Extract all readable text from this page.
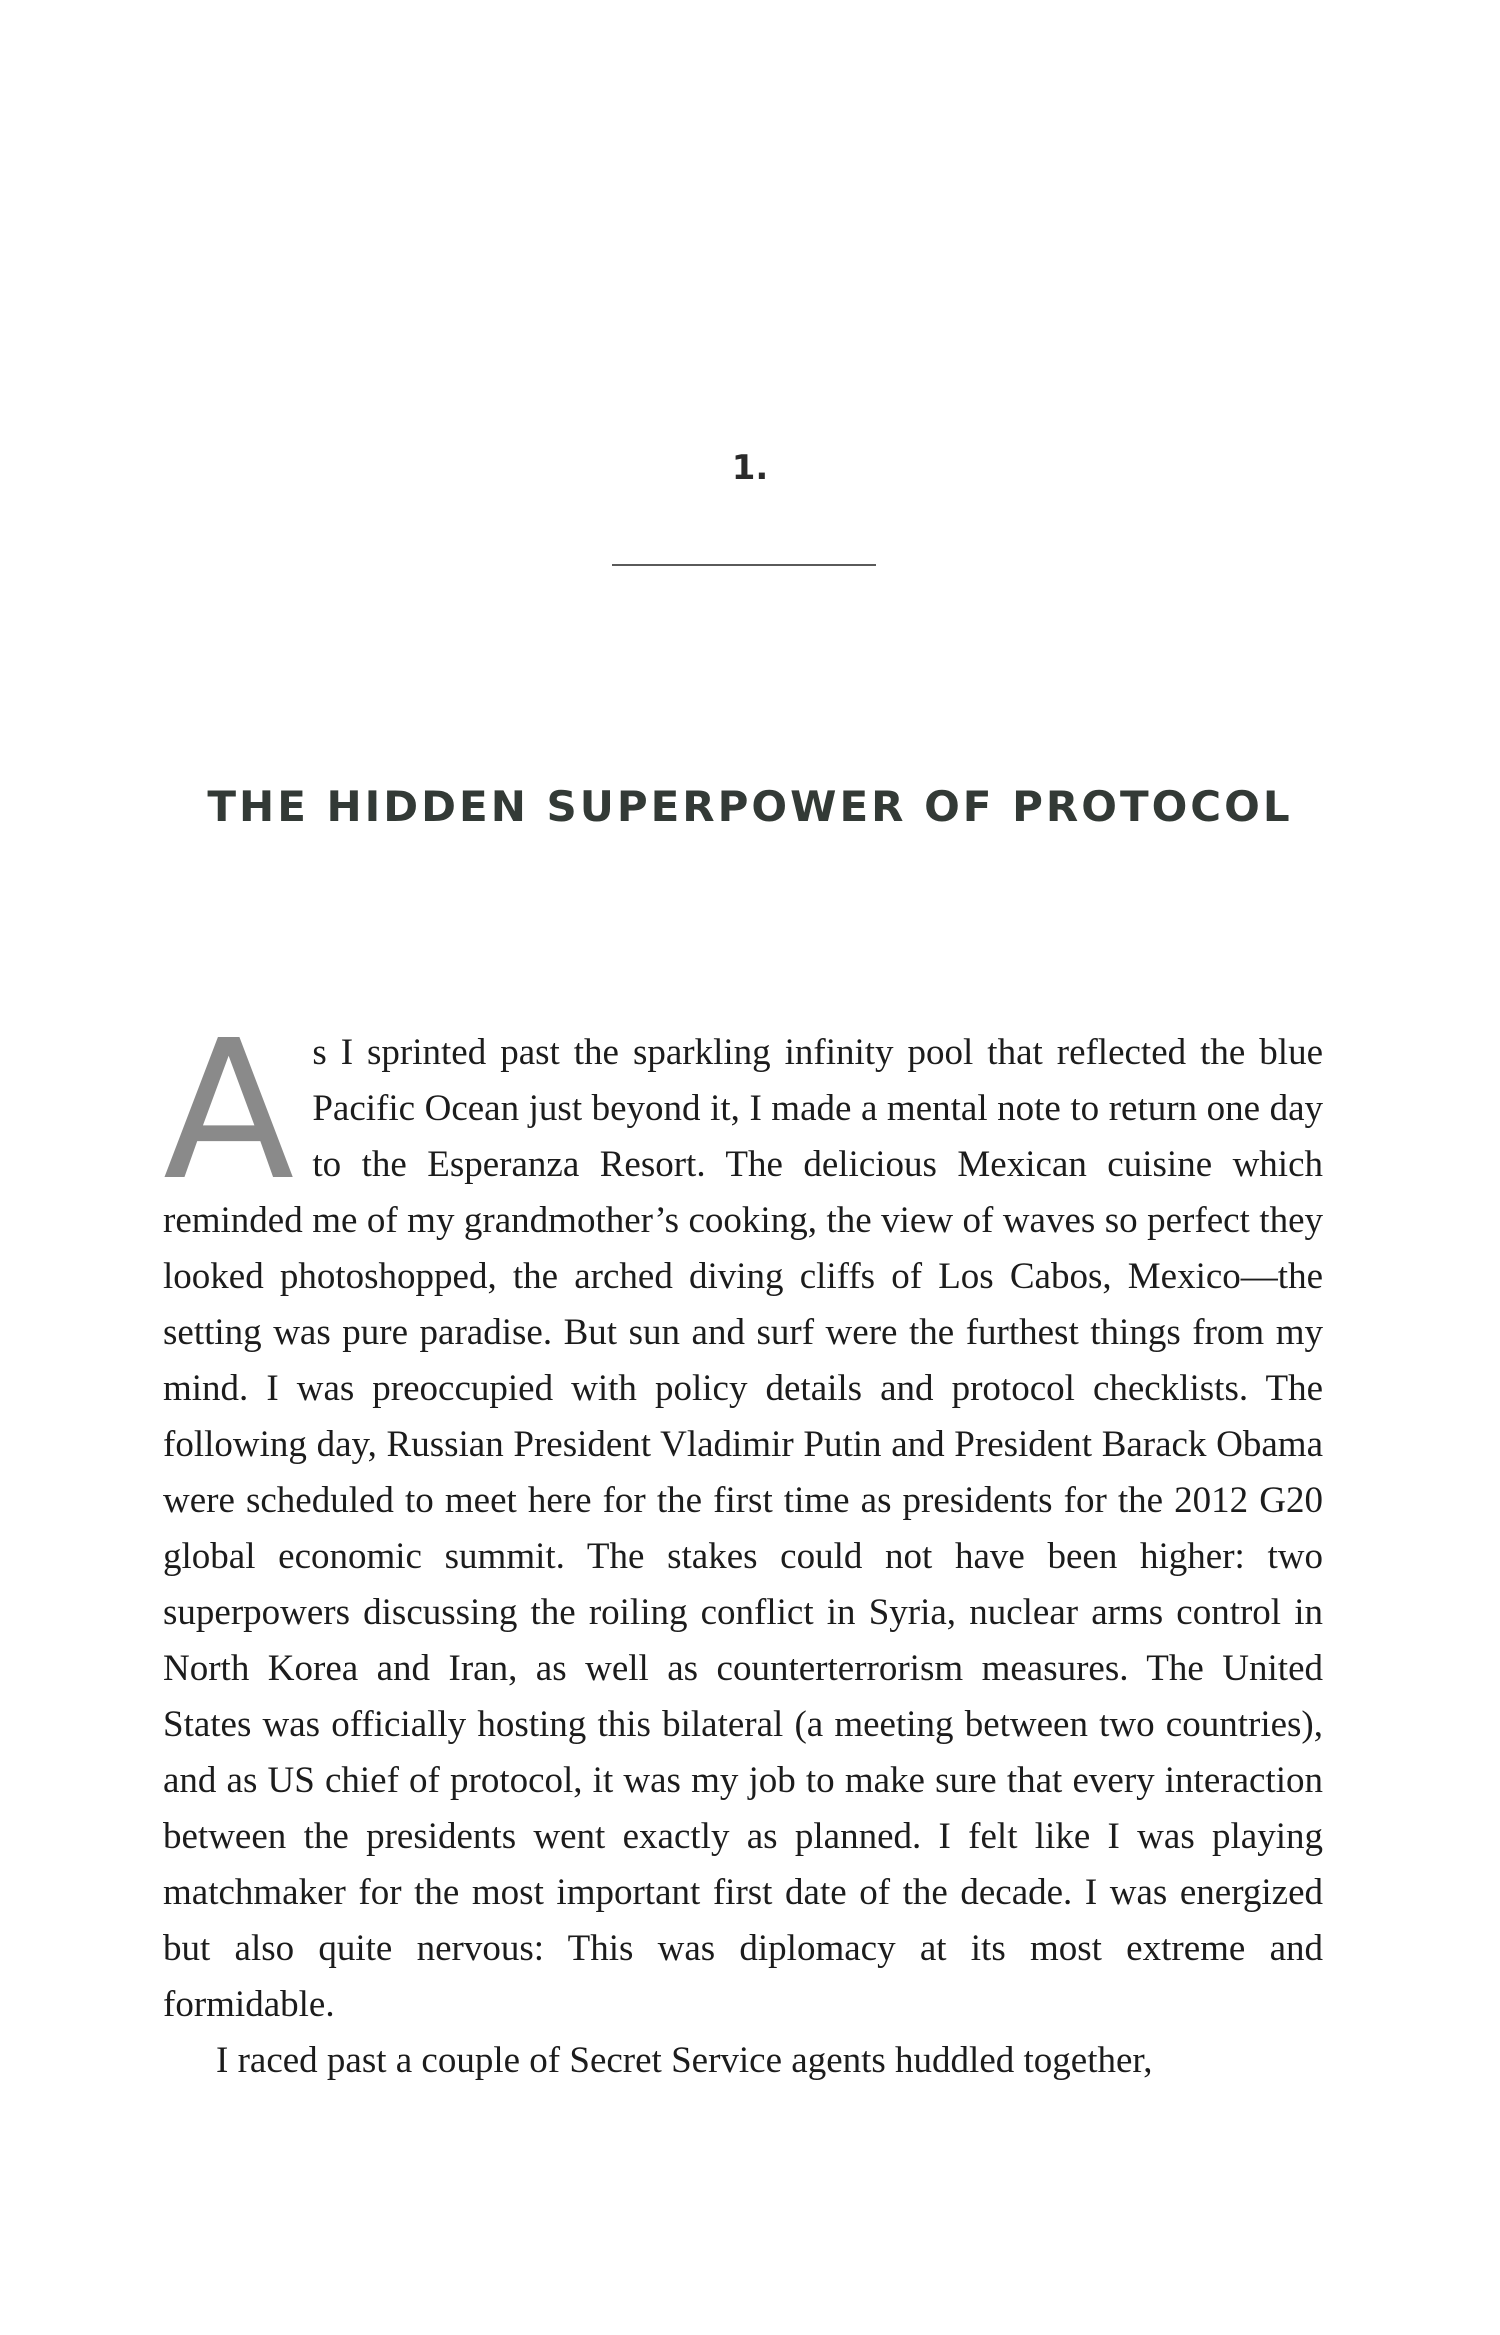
1.
THE HIDDEN SUPERPOWER OF PROTOCOL

As I sprinted past the sparkling infinity pool that reflected the blue Pacific Ocean just beyond it, I made a mental note to return one day to the Esperanza Resort. The delicious Mexican cuisine which reminded me of my grandmother’s cooking, the view of waves so perfect they looked photoshopped, the arched diving cliffs of Los Cabos, Mexico—the setting was pure paradise. But sun and surf were the furthest things from my mind. I was preoccupied with policy details and protocol checklists. The following day, Russian President Vladimir Putin and President Barack Obama were scheduled to meet here for the first time as presidents for the 2012 G20 global economic summit. The stakes could not have been higher: two superpowers discussing the roiling conflict in Syria, nuclear arms control in North Korea and Iran, as well as counterterrorism measures. The United States was officially hosting this bilateral (a meeting between two countries), and as US chief of protocol, it was my job to make sure that every interaction between the presidents went exactly as planned. I felt like I was playing matchmaker for the most important first date of the decade. I was energized but also quite nervous: This was diplomacy at its most extreme and formidable.

I raced past a couple of Secret Service agents huddled together,
